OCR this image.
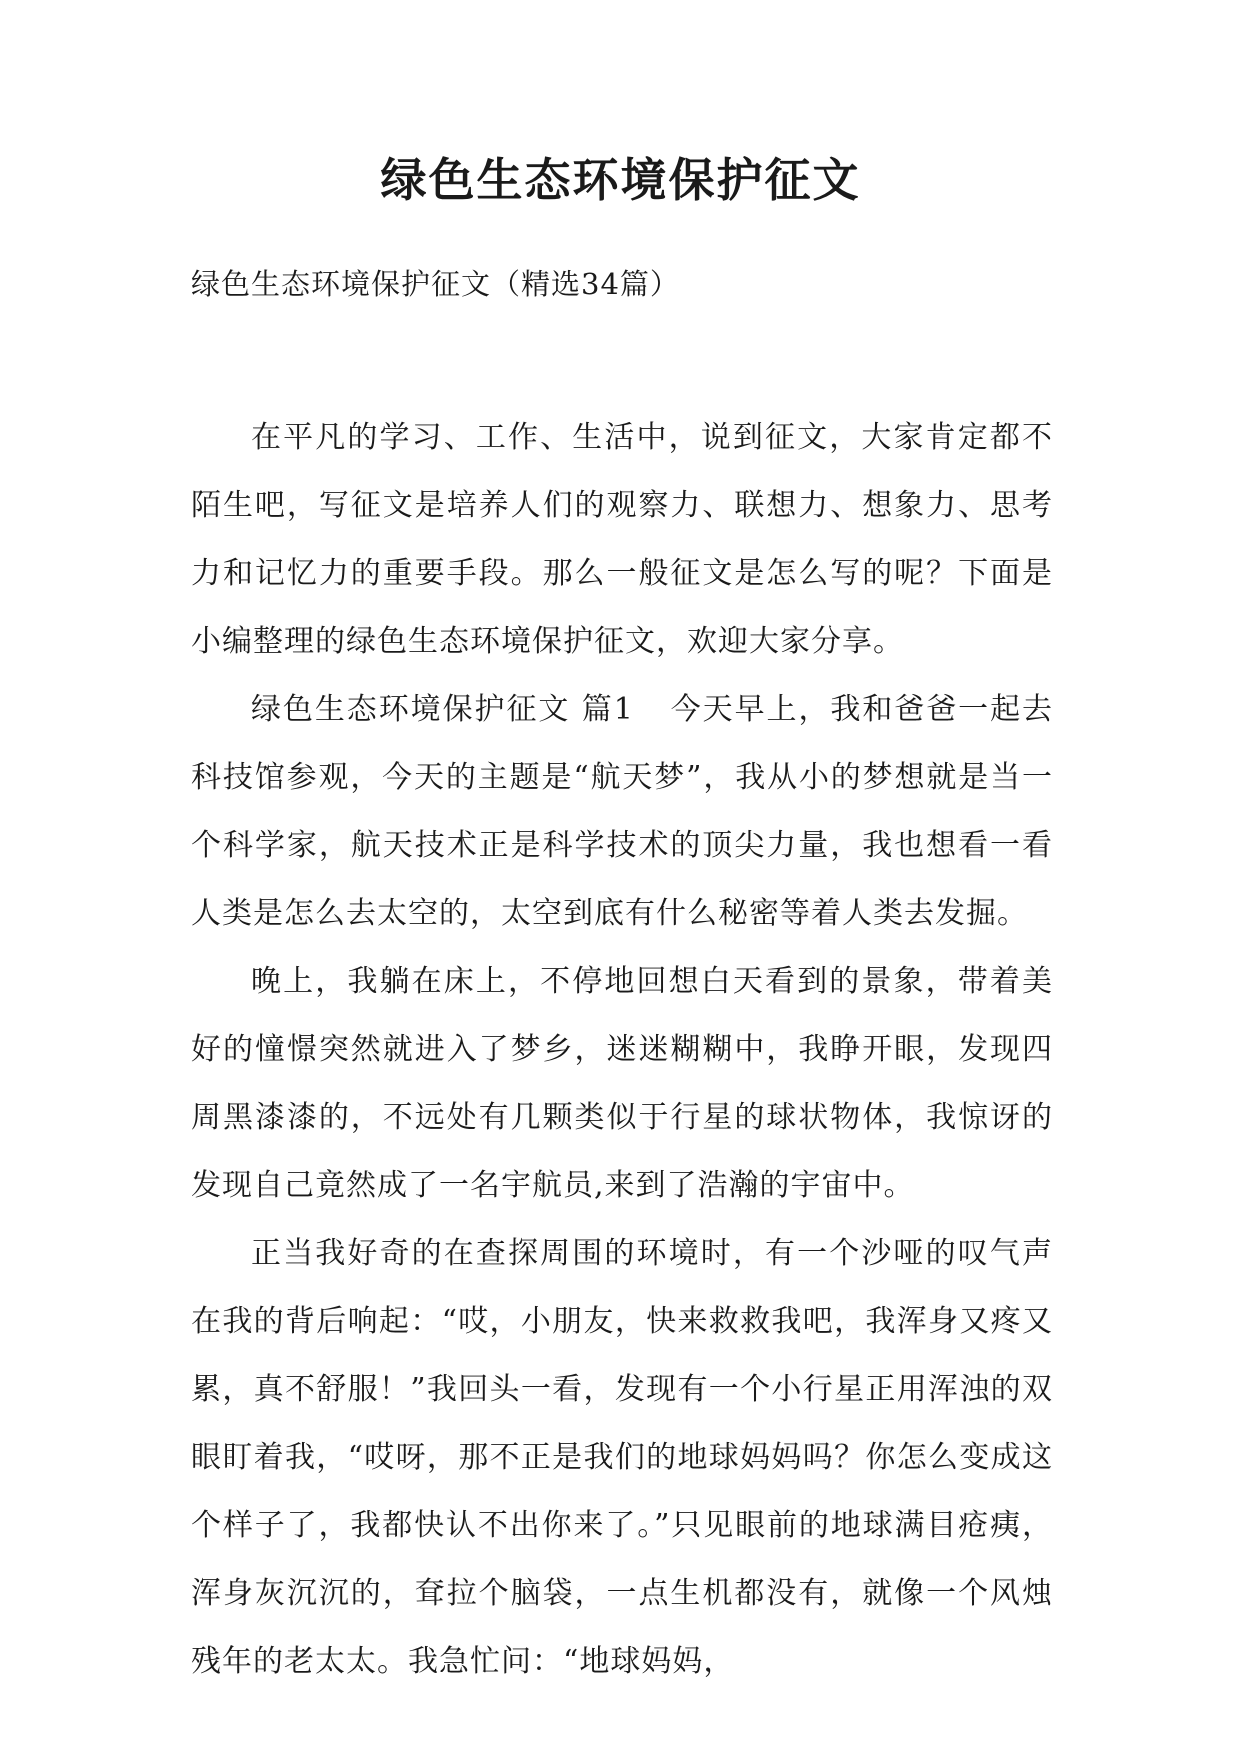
绿色生态环境保护征文
绿色生态环境保护征文（精选34篇）

在平凡的学习、工作、生活中，说到征文，大家肯定都不陌生吧，写征文是培养人们的观察力、联想力、想象力、思考力和记忆力的重要手段。那么一般征文是怎么写的呢？下面是小编整理的绿色生态环境保护征文，欢迎大家分享。

绿色生态环境保护征文 篇1 今天早上，我和爸爸一起去科技馆参观，今天的主题是“航天梦”，我从小的梦想就是当一个科学家，航天技术正是科学技术的顶尖力量，我也想看一看人类是怎么去太空的，太空到底有什么秘密等着人类去发掘。

晚上，我躺在床上，不停地回想白天看到的景象，带着美好的憧憬突然就进入了梦乡，迷迷糊糊中，我睁开眼，发现四周黑漆漆的，不远处有几颗类似于行星的球状物体，我惊讶的发现自己竟然成了一名宇航员,来到了浩瀚的宇宙中。

正当我好奇的在查探周围的环境时，有一个沙哑的叹气声在我的背后响起：“哎，小朋友，快来救救我吧，我浑身又疼又累，真不舒服！”我回头一看，发现有一个小行星正用浑浊的双眼盯着我，“哎呀，那不正是我们的地球妈妈吗？你怎么变成这个样子了，我都快认不出你来了。”只见眼前的地球满目疮痍，浑身灰沉沉的，耷拉个脑袋，一点生机都没有，就像一个风烛残年的老太太。我急忙问：“地球妈妈，
